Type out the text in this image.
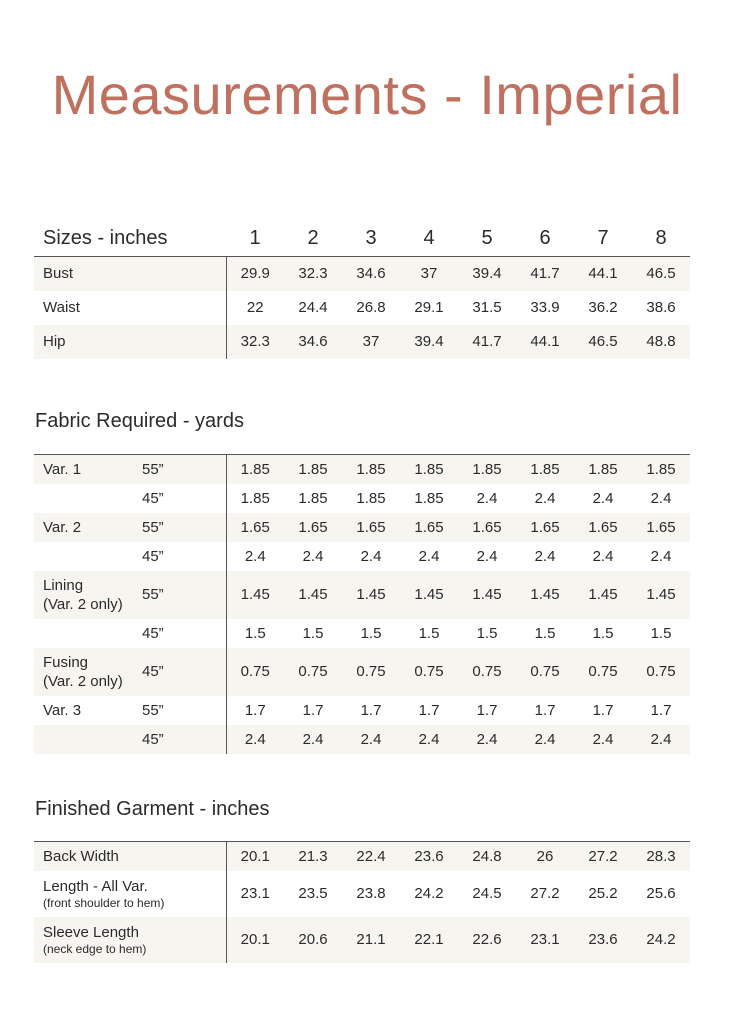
Measurements - Imperial
Sizes - inches	1	2	3	4	5	6	7	8
Bust	29.9	32.3	34.6	37	39.4	41.7	44.1	46.5
Waist	22	24.4	26.8	29.1	31.5	33.9	36.2	38.6
Hip	32.3	34.6	37	39.4	41.7	44.1	46.5	48.8
Fabric Required - yards
Var. 1	55”	1.85	1.85	1.85	1.85	1.85	1.85	1.85	1.85
	45”	1.85	1.85	1.85	1.85	2.4	2.4	2.4	2.4
Var. 2	55”	1.65	1.65	1.65	1.65	1.65	1.65	1.65	1.65
	45”	2.4	2.4	2.4	2.4	2.4	2.4	2.4	2.4

Lining
(Var. 2 only)	55”	1.45	1.45	1.45	1.45	1.45	1.45	1.45	1.45
	45”	1.5	1.5	1.5	1.5	1.5	1.5	1.5	1.5

Fusing
(Var. 2 only)	45”	0.75	0.75	0.75	0.75	0.75	0.75	0.75	0.75
Var. 3	55”	1.7	1.7	1.7	1.7	1.7	1.7	1.7	1.7
	45”	2.4	2.4	2.4	2.4	2.4	2.4	2.4	2.4
Finished Garment - inches
Back Width	20.1	21.3	22.4	23.6	24.8	26	27.2	28.3

Length - All Var.
(front shoulder to hem)	23.1	23.5	23.8	24.2	24.5	27.2	25.2	25.6

Sleeve Length
(neck edge to hem)	20.1	20.6	21.1	22.1	22.6	23.1	23.6	24.2
